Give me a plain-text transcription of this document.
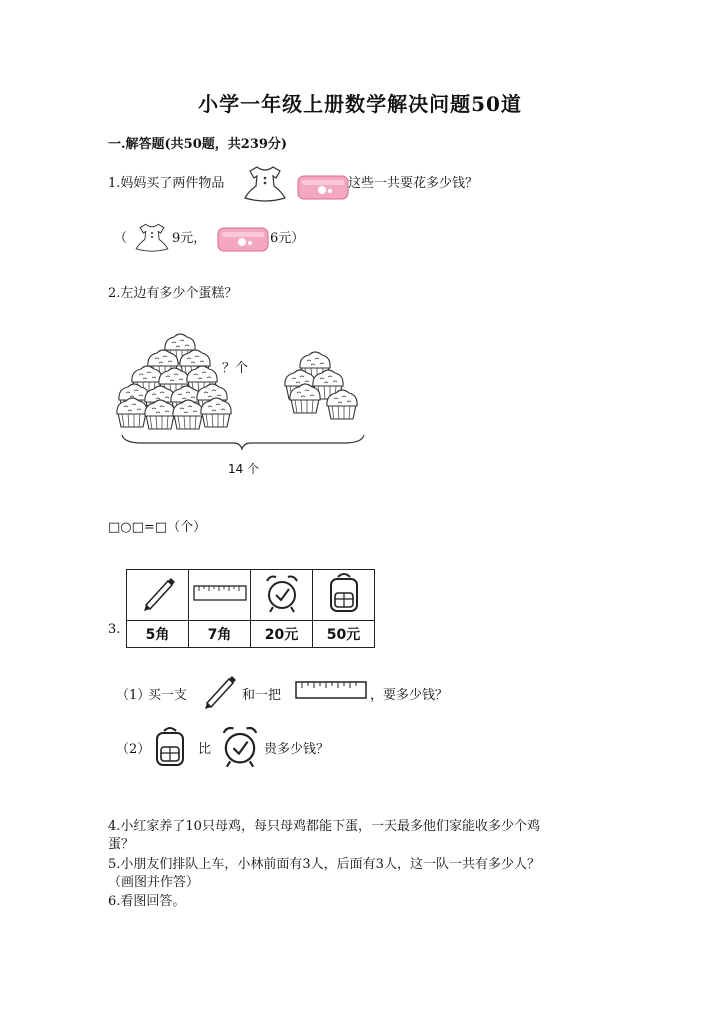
小学一年级上册数学解决问题50道
一.解答题(共50题，共239分)
1.妈妈买了两件物品	这些一共要花多少钱？
（	9元，	6元）
2.左边有多少个蛋糕？
？个
14 个
□○□=□（个）
3.
			5角	7角	20元	50元
（1）
买一支	和一把	，要多少钱？
（2）	比	贵多少钱？
4.小红家养了10只母鸡，每只母鸡都能下蛋，一天最多他们家能收多少个鸡
蛋？
5.小朋友们排队上车，小林前面有3人，后面有3人，这一队一共有多少人？
（画图并作答）
6.看图回答。
